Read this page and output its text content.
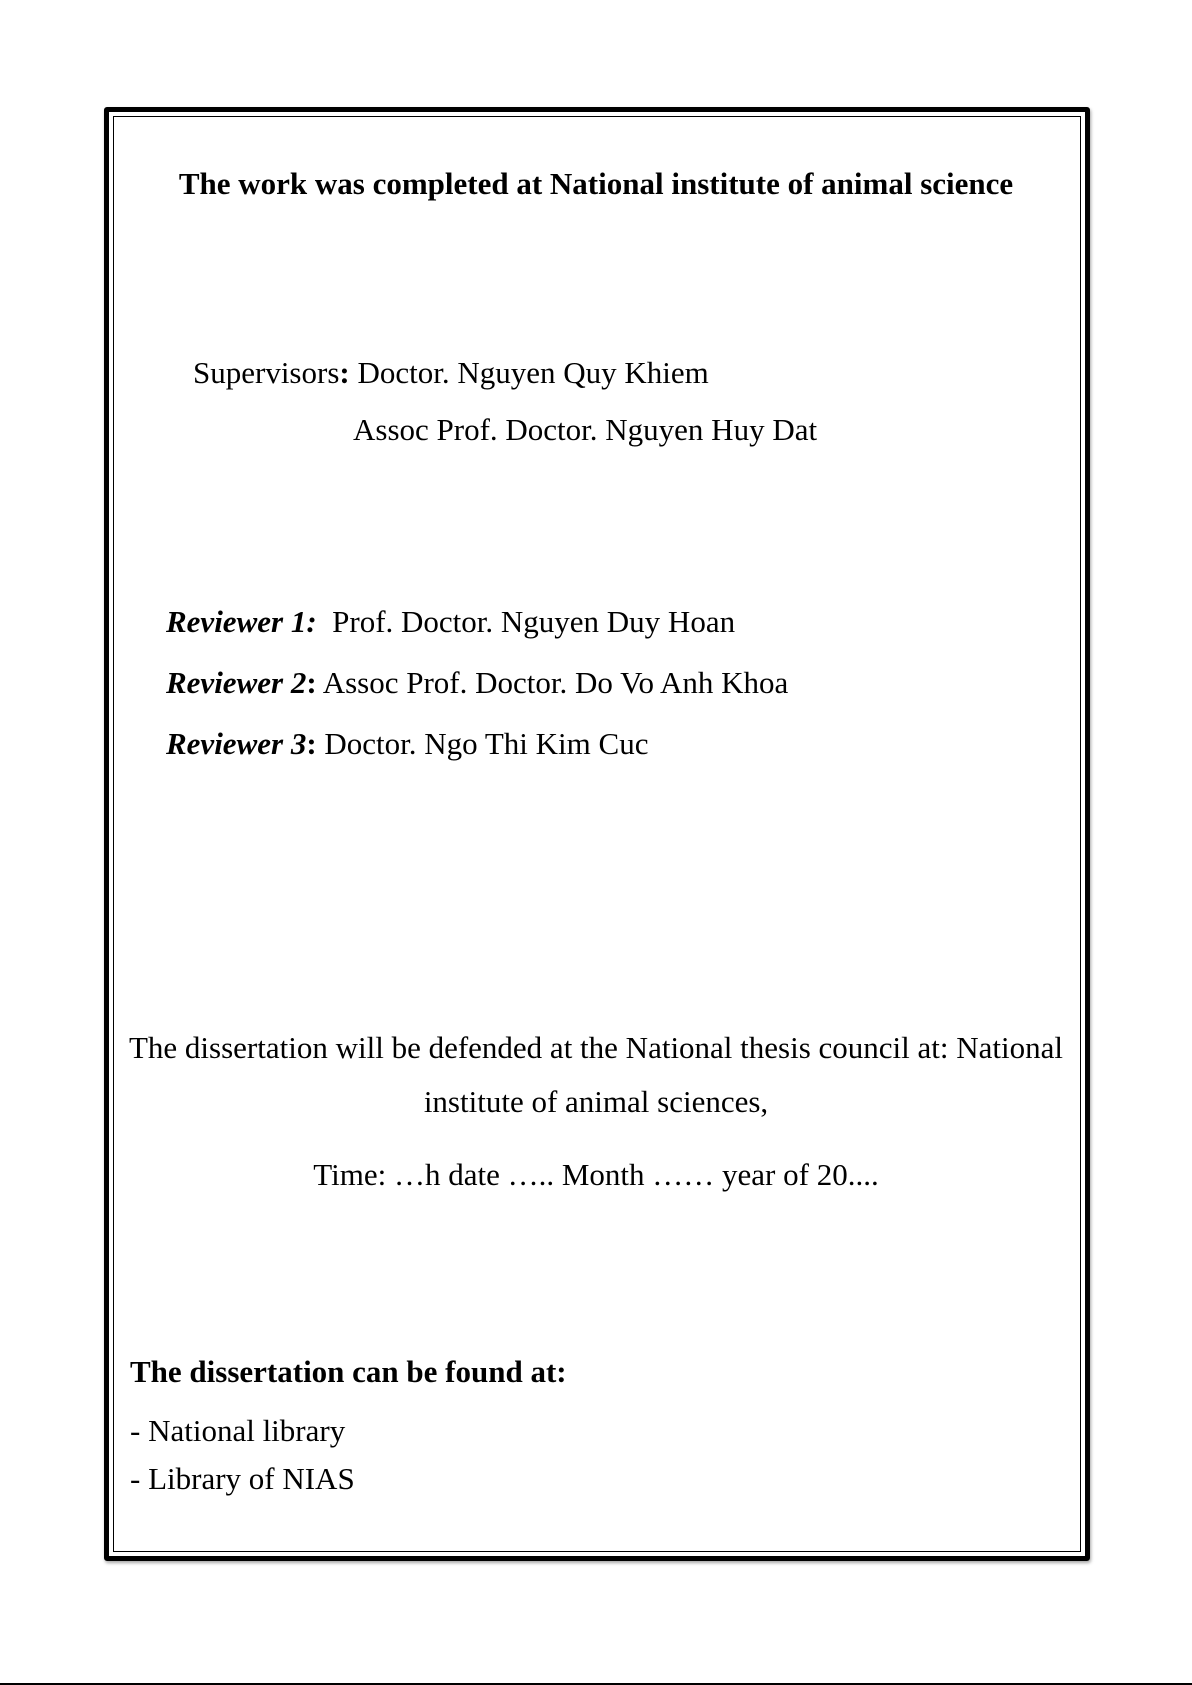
The work was completed at National institute of animal science
Supervisors: Doctor. Nguyen Quy Khiem
Assoc Prof. Doctor. Nguyen Huy Dat
Reviewer 1: Prof. Doctor. Nguyen Duy Hoan
Reviewer 2: Assoc Prof. Doctor. Do Vo Anh Khoa
Reviewer 3: Doctor. Ngo Thi Kim Cuc
The dissertation will be defended at the National thesis council at: National
institute of animal sciences,
Time: …h date ….. Month …… year of 20....
The dissertation can be found at:
- National library
- Library of NIAS
